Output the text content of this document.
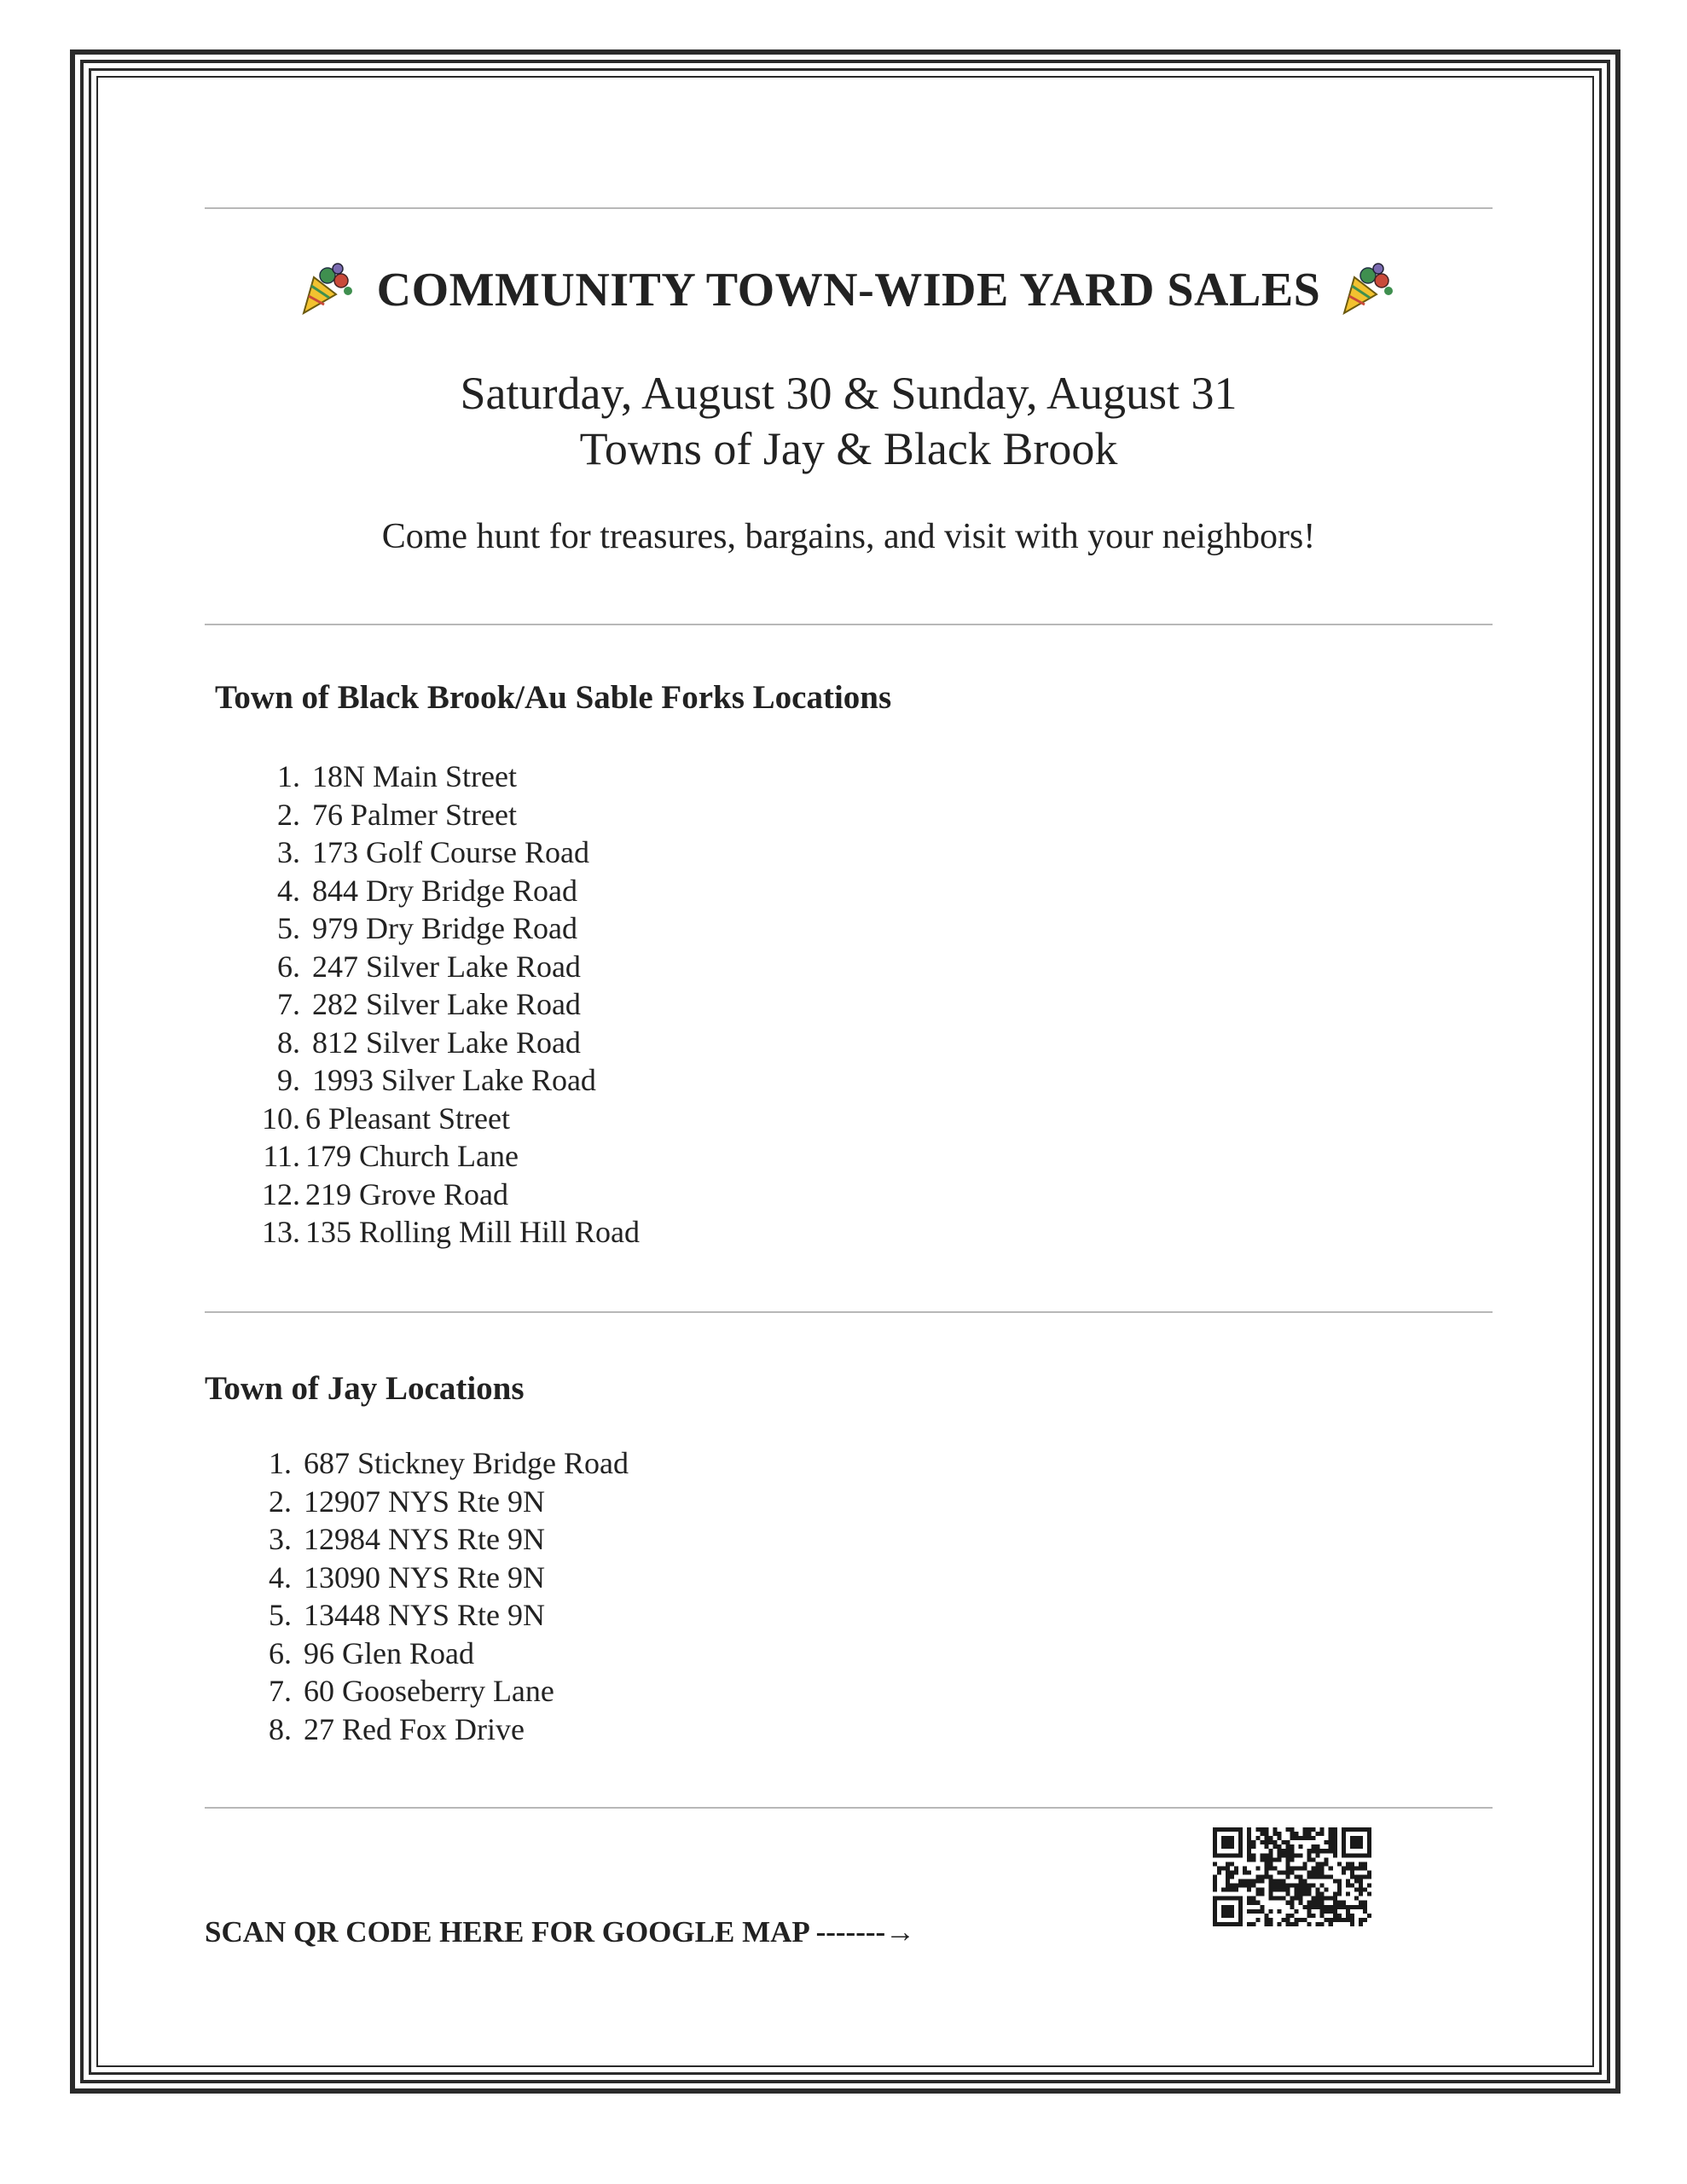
COMMUNITY TOWN-WIDE YARD SALES
Saturday, August 30 & Sunday, August 31
Towns of Jay & Black Brook
Come hunt for treasures, bargains, and visit with your neighbors!
Town of Black Brook/Au Sable Forks Locations
1. 18N Main Street
2. 76 Palmer Street
3. 173 Golf Course Road
4. 844 Dry Bridge Road
5. 979 Dry Bridge Road
6. 247 Silver Lake Road
7. 282 Silver Lake Road
8. 812 Silver Lake Road
9. 1993 Silver Lake Road
10. 6 Pleasant Street
11. 179 Church Lane
12. 219 Grove Road
13. 135 Rolling Mill Hill Road
Town of Jay Locations
1. 687 Stickney Bridge Road
2. 12907 NYS Rte 9N
3. 12984 NYS Rte 9N
4. 13090 NYS Rte 9N
5. 13448 NYS Rte 9N
6. 96 Glen Road
7. 60 Gooseberry Lane
8. 27 Red Fox Drive
SCAN QR CODE HERE FOR GOOGLE MAP -------→
